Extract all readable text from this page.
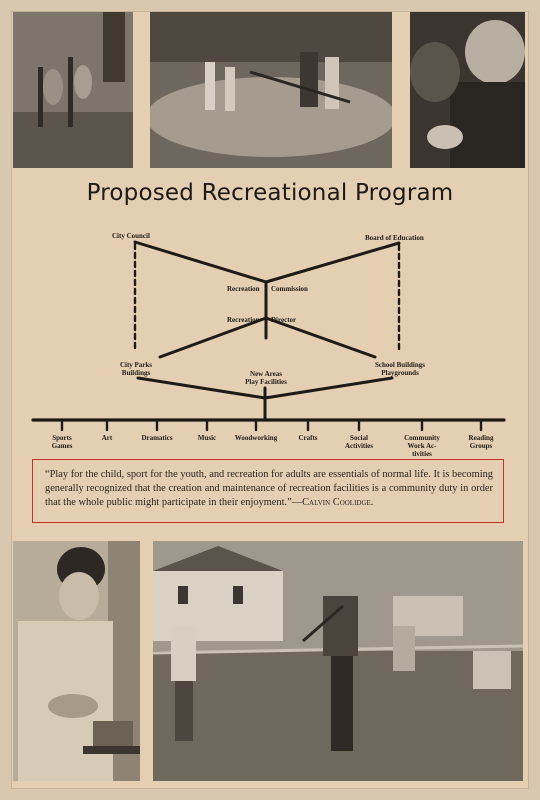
Proposed Recreational Program
City Council	Board of Education
Recreation Commission
Recreation Director
City Parks
Buildings
School Buildings
Playgrounds
New Areas
Play Facilities
Sports
Games
Art	Dramatics	Music	Woodworking	Crafts	Social
Activities
Community
Work Ac-
tivities
Reading
Groups
“Play for the child, sport for the youth, and recreation for adults are essentials of normal life. It is becoming generally recognized that the creation and maintenance of recreation facilities is a community duty in order that the whole public might participate in their enjoyment.”—Calvin Coolidge.
